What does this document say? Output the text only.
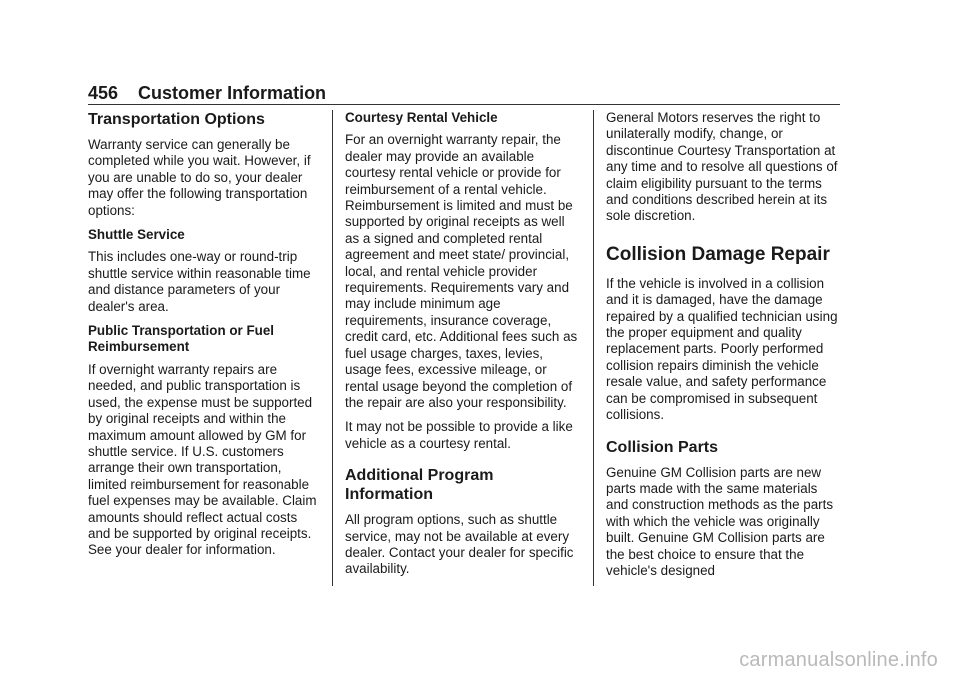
456 Customer Information
Transportation Options

Warranty service can generally be completed while you wait. However, if you are unable to do so, your dealer may offer the following transportation options:

Shuttle Service

This includes one-way or round-trip shuttle service within reasonable time and distance parameters of your dealer's area.

Public Transportation or Fuel Reimbursement

If overnight warranty repairs are needed, and public transportation is used, the expense must be supported by original receipts and within the maximum amount allowed by GM for shuttle service. If U.S. customers arrange their own transportation, limited reimbursement for reasonable fuel expenses may be available. Claim amounts should reflect actual costs and be supported by original receipts. See your dealer for information.

Courtesy Rental Vehicle

For an overnight warranty repair, the dealer may provide an available courtesy rental vehicle or provide for reimbursement of a rental vehicle. Reimbursement is limited and must be supported by original receipts as well as a signed and completed rental agreement and meet state/ provincial, local, and rental vehicle provider requirements. Requirements vary and may include minimum age requirements, insurance coverage, credit card, etc. Additional fees such as fuel usage charges, taxes, levies, usage fees, excessive mileage, or rental usage beyond the completion of the repair are also your responsibility.

It may not be possible to provide a like vehicle as a courtesy rental.

Additional Program Information

All program options, such as shuttle service, may not be available at every dealer. Contact your dealer for specific availability.

General Motors reserves the right to unilaterally modify, change, or discontinue Courtesy Transportation at any time and to resolve all questions of claim eligibility pursuant to the terms and conditions described herein at its sole discretion.

Collision Damage Repair

If the vehicle is involved in a collision and it is damaged, have the damage repaired by a qualified technician using the proper equipment and quality replacement parts. Poorly performed collision repairs diminish the vehicle resale value, and safety performance can be compromised in subsequent collisions.

Collision Parts

Genuine GM Collision parts are new parts made with the same materials and construction methods as the parts with which the vehicle was originally built. Genuine GM Collision parts are the best choice to ensure that the vehicle's designed

carmanualsonline.info
